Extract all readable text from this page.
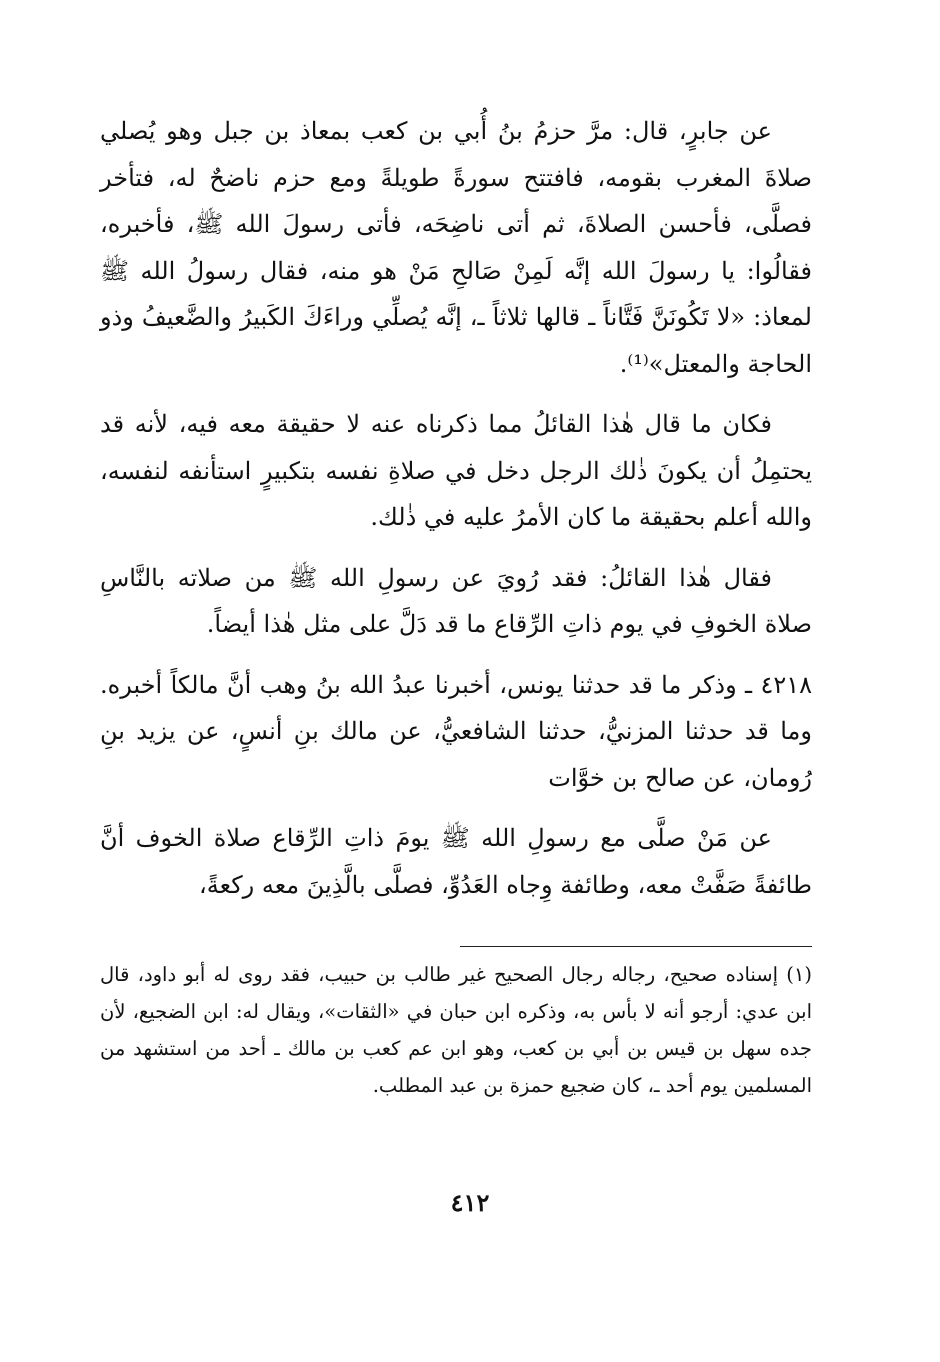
عن جابرٍ، قال: مرَّ حزمُ بنُ أُبي بن كعب بمعاذ بن جبل وهو يُصلي صلاةَ المغرب بقومه، فافتتح سورةً طويلةً ومع حزم ناضحٌ له، فتأخر فصلَّى، فأحسن الصلاةَ، ثم أتى ناضِحَه، فأتى رسولَ الله ﷺ، فأخبره، فقالُوا: يا رسولَ الله إنَّه لَمِنْ صَالحِ مَنْ هو منه، فقال رسولُ الله ﷺ لمعاذ: «لا تَكُونَنَّ فَتَّاناً ـ قالها ثلاثاً ـ، إنَّه يُصلِّي وراءَكَ الكَبيرُ والضَّعيفُ وذو الحاجة والمعتل»⁽¹⁾.

فكان ما قال هٰذا القائلُ مما ذكرناه عنه لا حقيقة معه فيه، لأنه قد يحتمِلُ أن يكونَ ذٰلك الرجل دخل في صلاةِ نفسه بتكبيرٍ استأنفه لنفسه، والله أعلم بحقيقة ما كان الأمرُ عليه في ذٰلك.

فقال هٰذا القائلُ: فقد رُويَ عن رسولِ الله ﷺ من صلاته بالنَّاسِ صلاة الخوفِ في يوم ذاتِ الرِّقاع ما قد دَلَّ على مثل هٰذا أيضاً.

٤٢١٨ ـ وذكر ما قد حدثنا يونس، أخبرنا عبدُ الله بنُ وهب أنَّ مالكاً أخبره. وما قد حدثنا المزنيُّ، حدثنا الشافعيُّ، عن مالك بنِ أنسٍ، عن يزيد بنِ رُومان، عن صالح بن خوَّات

عن مَنْ صلَّى مع رسولِ الله ﷺ يومَ ذاتِ الرِّقاع صلاة الخوف أنَّ طائفةً صَفَّتْ معه، وطائفة وِجاه العَدُوِّ، فصلَّى بالَّذِينَ معه ركعةً،

(١) إسناده صحيح، رجاله رجال الصحيح غير طالب بن حبيب، فقد روى له أبو داود، قال ابن عدي: أرجو أنه لا بأس به، وذكره ابن حبان في «الثقات»، ويقال له: ابن الضجيع، لأن جده سهل بن قيس بن أبي بن كعب، وهو ابن عم كعب بن مالك ـ أحد من استشهد من المسلمين يوم أحد ـ، كان ضجيع حمزة بن عبد المطلب.

٤١٢
